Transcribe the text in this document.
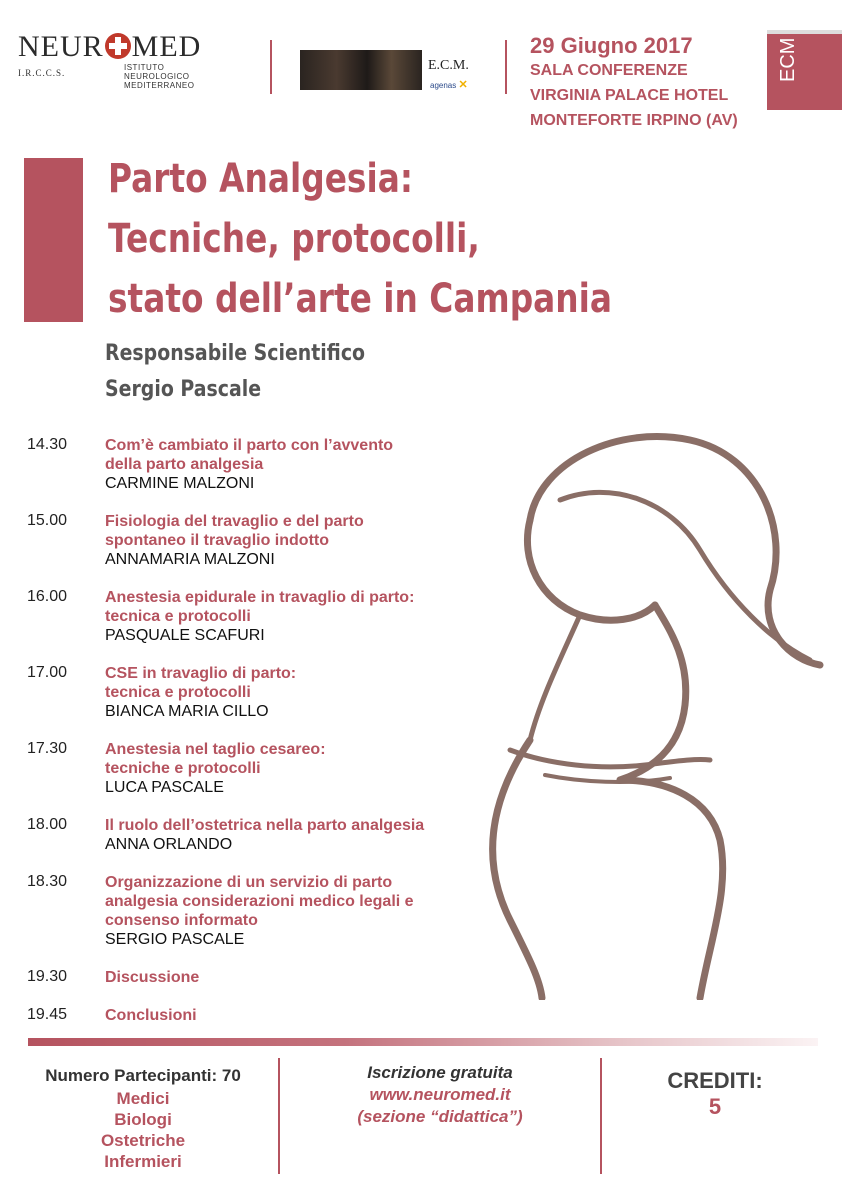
NEUR MED
I.R.C.C.S.
ISTITUTO
NEUROLOGICO
MEDITERRANEO
E.C.M.
agenas ✕
29 Giugno 2017
SALA CONFERENZE
VIRGINIA PALACE HOTEL
MONTEFORTE IRPINO (AV)
ECM
Parto Analgesia:
Tecniche, protocolli,
stato dell’arte in Campania
Responsabile Scientifico
Sergio Pascale
14.30 Com’è cambiato il parto con l’avvento
della parto analgesia
CARMINE MALZONI
15.00 Fisiologia del travaglio e del parto
spontaneo il travaglio indotto
ANNAMARIA MALZONI
16.00 Anestesia epidurale in travaglio di parto:
tecnica e protocolli
PASQUALE SCAFURI
17.00 CSE in travaglio di parto:
tecnica e protocolli
BIANCA MARIA CILLO
17.30 Anestesia nel taglio cesareo:
tecniche e protocolli
LUCA PASCALE
18.00 Il ruolo dell’ostetrica nella parto analgesia
ANNA ORLANDO
18.30 Organizzazione di un servizio di parto
analgesia considerazioni medico legali e
consenso informato
SERGIO PASCALE
19.30 Discussione
19.45 Conclusioni
Numero Partecipanti: 70
Medici
Biologi
Ostetriche
Infermieri
Iscrizione gratuita
www.neuromed.it
(sezione “didattica”)
CREDITI:
5
